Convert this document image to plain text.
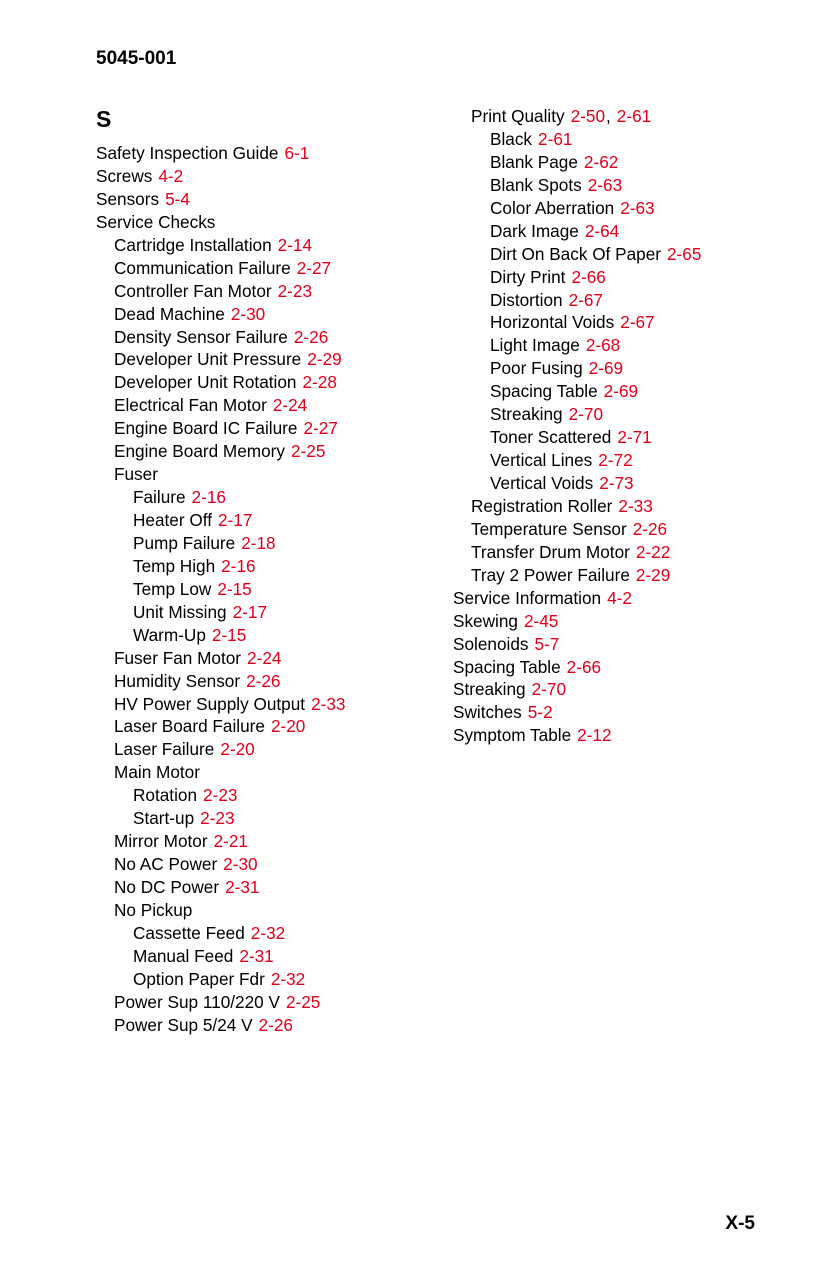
5045-001
S
Safety Inspection Guide 6-1
Screws 4-2
Sensors 5-4
Service Checks
Cartridge Installation 2-14
Communication Failure 2-27
Controller Fan Motor 2-23
Dead Machine 2-30
Density Sensor Failure 2-26
Developer Unit Pressure 2-29
Developer Unit Rotation 2-28
Electrical Fan Motor 2-24
Engine Board IC Failure 2-27
Engine Board Memory 2-25
Fuser
Failure 2-16
Heater Off 2-17
Pump Failure 2-18
Temp High 2-16
Temp Low 2-15
Unit Missing 2-17
Warm-Up 2-15
Fuser Fan Motor 2-24
Humidity Sensor 2-26
HV Power Supply Output 2-33
Laser Board Failure 2-20
Laser Failure 2-20
Main Motor
Rotation 2-23
Start-up 2-23
Mirror Motor 2-21
No AC Power 2-30
No DC Power 2-31
No Pickup
Cassette Feed 2-32
Manual Feed 2-31
Option Paper Fdr 2-32
Power Sup 110/220 V 2-25
Power Sup 5/24 V 2-26
Print Quality 2-50, 2-61
Black 2-61
Blank Page 2-62
Blank Spots 2-63
Color Aberration 2-63
Dark Image 2-64
Dirt On Back Of Paper 2-65
Dirty Print 2-66
Distortion 2-67
Horizontal Voids 2-67
Light Image 2-68
Poor Fusing 2-69
Spacing Table 2-69
Streaking 2-70
Toner Scattered 2-71
Vertical Lines 2-72
Vertical Voids 2-73
Registration Roller 2-33
Temperature Sensor 2-26
Transfer Drum Motor 2-22
Tray 2 Power Failure 2-29
Service Information 4-2
Skewing 2-45
Solenoids 5-7
Spacing Table 2-66
Streaking 2-70
Switches 5-2
Symptom Table 2-12
X-5
